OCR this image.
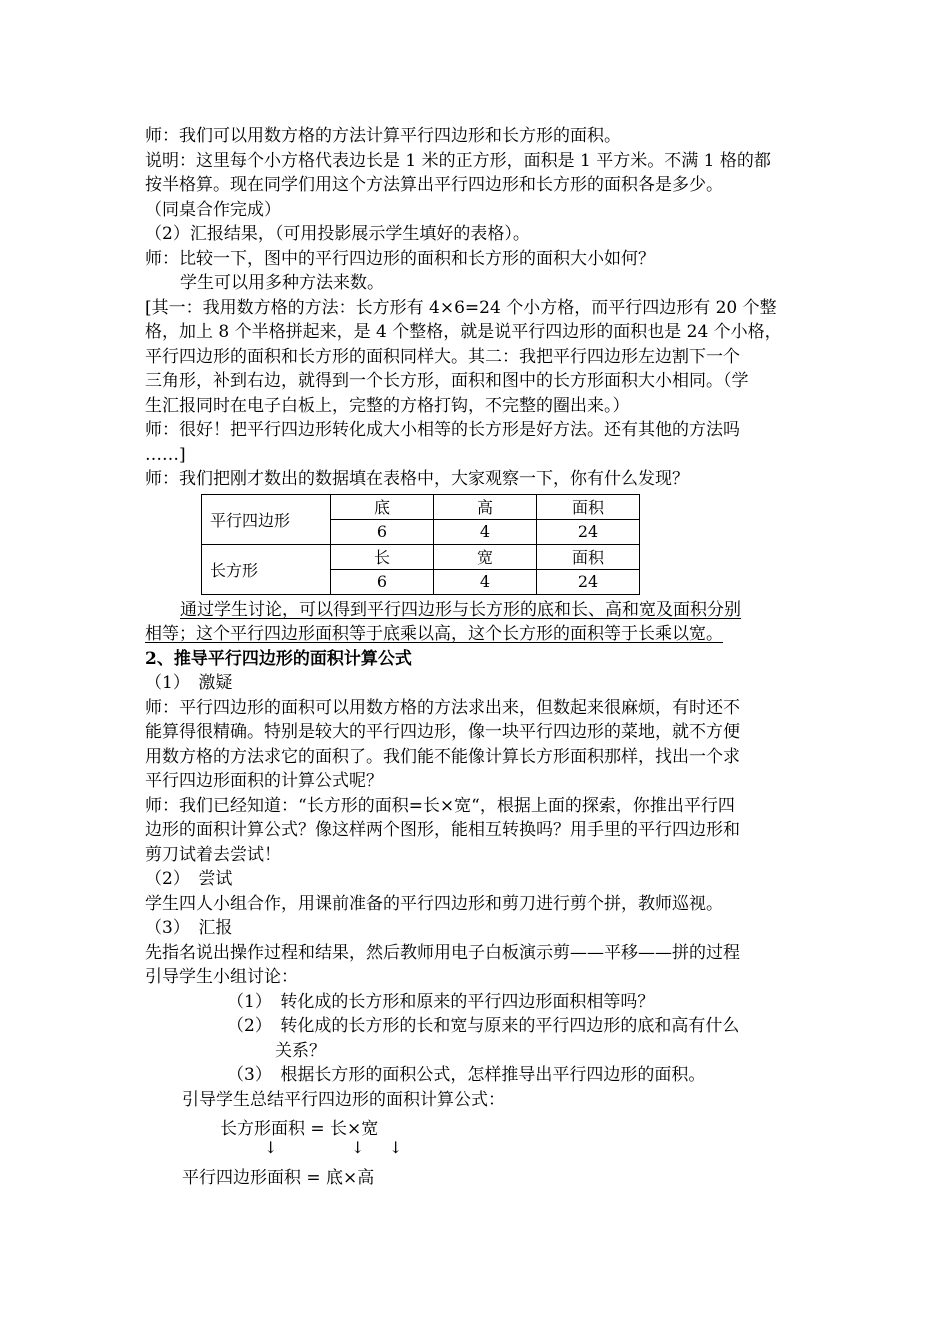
师：我们可以用数方格的方法计算平行四边形和长方形的面积。

说明：这里每个小方格代表边长是 1 米的正方形，面积是 1 平方米。不满 1 格的都

按半格算。现在同学们用这个方法算出平行四边形和长方形的面积各是多少。

（同桌合作完成）

（2）汇报结果，（可用投影展示学生填好的表格）。

师：比较一下，图中的平行四边形的面积和长方形的面积大小如何？

学生可以用多种方法来数。

[其一：我用数方格的方法：长方形有 4×6=24 个小方格，而平行四边形有 20 个整

格，加上 8 个半格拼起来，是 4 个整格，就是说平行四边形的面积也是 24 个小格，

平行四边形的面积和长方形的面积同样大。其二：我把平行四边形左边割下一个

三角形，补到右边，就得到一个长方形，面积和图中的长方形面积大小相同。（学

生汇报同时在电子白板上，完整的方格打钩，不完整的圈出来。）

师：很好！把平行四边形转化成大小相等的长方形是好方法。还有其他的方法吗

……]

师：我们把刚才数出的数据填在表格中，大家观察一下，你有什么发现？

平行四边形	底	高	面积
	6	4	24
长方形	长	宽	面积
	6	4	24

通过学生讨论，可以得到平行四边形与长方形的底和长、高和宽及面积分别

相等；这个平行四边形面积等于底乘以高，这个长方形的面积等于长乘以宽。

2、推导平行四边形的面积计算公式

（1）　激疑

师：平行四边形的面积可以用数方格的方法求出来，但数起来很麻烦，有时还不

能算得很精确。特别是较大的平行四边形，像一块平行四边形的菜地，就不方便

用数方格的方法求它的面积了。我们能不能像计算长方形面积那样，找出一个求

平行四边形面积的计算公式呢？

师：我们已经知道：“长方形的面积=长×宽“，根据上面的探索，你推出平行四

边形的面积计算公式？像这样两个图形，能相互转换吗？用手里的平行四边形和

剪刀试着去尝试！

（2）　尝试

学生四人小组合作，用课前准备的平行四边形和剪刀进行剪个拼，教师巡视。

（3）　汇报

先指名说出操作过程和结果，然后教师用电子白板演示剪——平移——拼的过程

引导学生小组讨论：

（1）　转化成的长方形和原来的平行四边形面积相等吗？

（2）　转化成的长方形的长和宽与原来的平行四边形的底和高有什么

关系？

（3）　根据长方形的面积公式，怎样推导出平行四边形的面积。

引导学生总结平行四边形的面积计算公式：

长方形面积 = 长×宽
↓	↓ ↓
平行四边形面积 = 底×高
